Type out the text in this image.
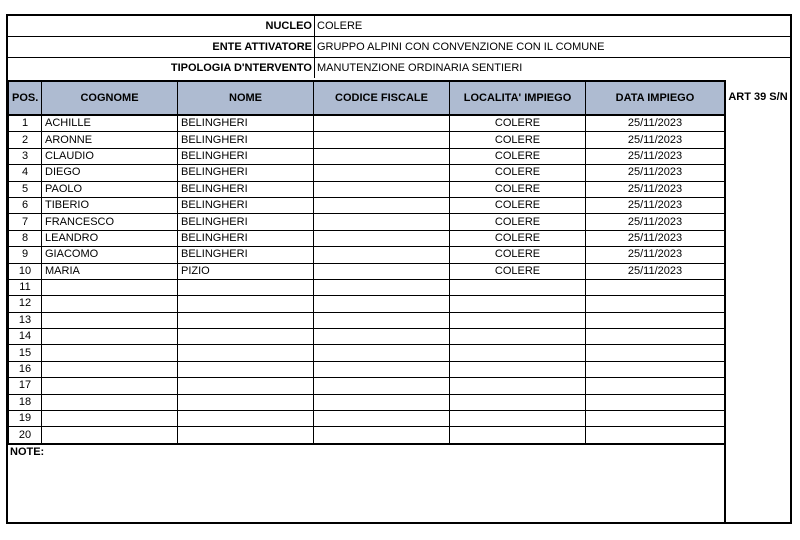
NUCLEO COLERE
ENTE ATTIVATORE GRUPPO ALPINI CON CONVENZIONE CON IL COMUNE
TIPOLOGIA D'NTERVENTO MANUTENZIONE ORDINARIA SENTIERI
POS.	COGNOME	NOME	CODICE FISCALE	LOCALITA' IMPIEGO	DATA IMPIEGO
1	ACHILLE	BELINGHERI		COLERE	25/11/2023
2	ARONNE	BELINGHERI		COLERE	25/11/2023
3	CLAUDIO	BELINGHERI		COLERE	25/11/2023
4	DIEGO	BELINGHERI		COLERE	25/11/2023
5	PAOLO	BELINGHERI		COLERE	25/11/2023
6	TIBERIO	BELINGHERI		COLERE	25/11/2023
7	FRANCESCO	BELINGHERI		COLERE	25/11/2023
8	LEANDRO	BELINGHERI		COLERE	25/11/2023
9	GIACOMO	BELINGHERI		COLERE	25/11/2023
10	MARIA	PIZIO		COLERE	25/11/2023
11					
12					
13					
14					
15					
16					
17					
18					
19					
20					
ART 39 S/N
NOTE:
